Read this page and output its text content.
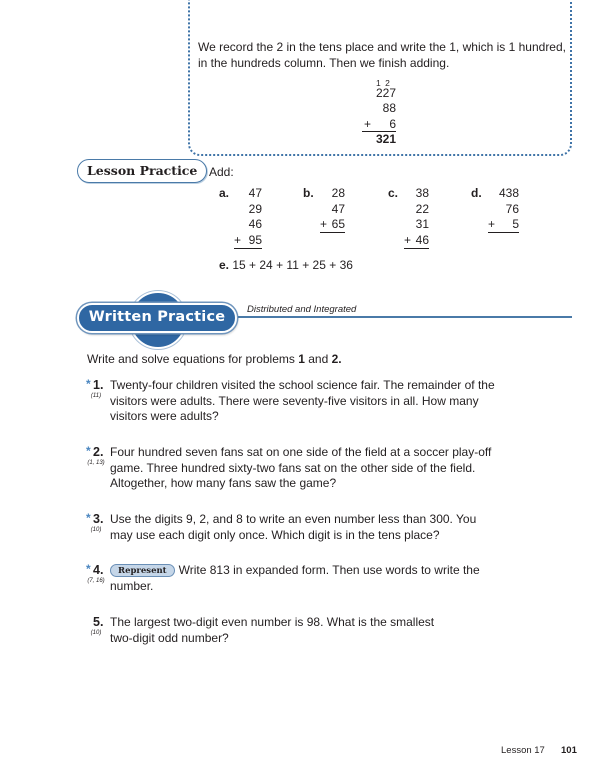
We record the 2 in the tens place and write the 1, which is 1 hundred, in the hundreds column. Then we finish adding.
1 2
227
88
+ 6
321
Lesson Practice Add:
a.	47
29
46
+ 95
b.	28
47
+ 65
c.	38
22
31
+ 46
d.	438
76
+ 5
e. 15 + 24 + 11 + 25 + 36
Written Practice	Distributed and Integrated
Write and solve equations for problems 1 and 2.
* 1.
(11)
Twenty-four children visited the school science fair. The remainder of the visitors were adults. There were seventy-five visitors in all. How many visitors were adults?
* 2.
(1, 13)
Four hundred seven fans sat on one side of the field at a soccer play-off game. Three hundred sixty-two fans sat on the other side of the field. Altogether, how many fans saw the game?
* 3.
(10)
Use the digits 9, 2, and 8 to write an even number less than 300. You may use each digit only once. Which digit is in the tens place?
* 4.
(7, 16)
Represent Write 813 in expanded form. Then use words to write the number.
5.
(10)
The largest two-digit even number is 98. What is the smallest two-digit odd number?
Lesson 17 101
